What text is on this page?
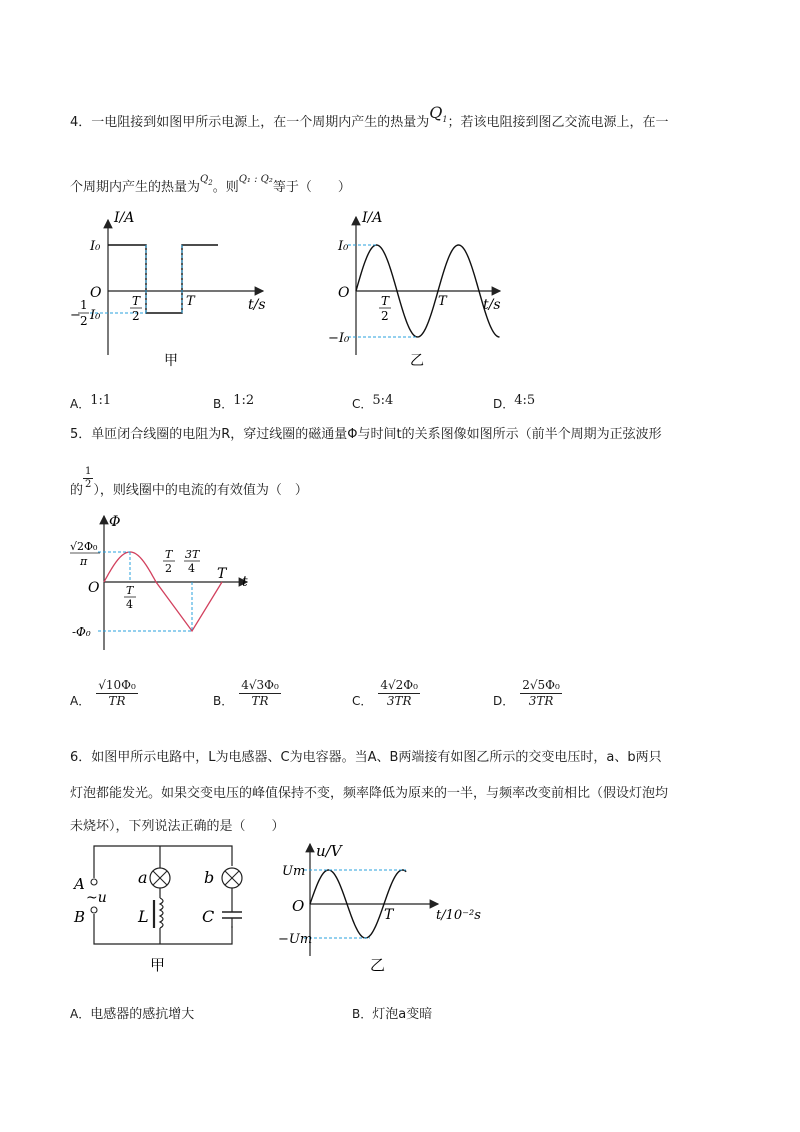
4．一电阻接到如图甲所示电源上，在一个周期内产生的热量为$Q_1$；若该电阻接到图乙交流电源上，在一
个周期内产生的热量为$^{Q_2}$。则$^{Q_1 : Q_2}$等于（　　）
I/A
t/s
O
I₀
−
1
2 I₀
T
2
T
甲
I/A
t/s
O
I₀
−I₀
T
2
T
乙
A．1:1	B．1:2	C．5:4	D．4:5
5．单匝闭合线圈的电阻为R，穿过线圈的磁通量Φ与时间t的关系图像如图所示（前半个周期为正弦波形
的 $\frac{1}{2}$ ），则线圈中的电流的有效值为（　）
Φ
t
O
√2Φ₀
π
-Φ₀
T
4
T
2
3T
4 T
A． $\frac{\text{√10Φ₀}}{TR}$	B． $\frac{\text{4√3Φ₀}}{TR}$	C． $\frac{\text{4√2Φ₀}}{3TR}$	D． $\frac{\text{2√5Φ₀}}{3TR}$
6．如图甲所示电路中，L为电感器、C为电容器。当A、B两端接有如图乙所示的交变电压时，a、b两只
灯泡都能发光。如果交变电压的峰值保持不变，频率降低为原来的一半，与频率改变前相比（假设灯泡均
未烧坏），下列说法正确的是（　　）
A
~u
B
a	b
L	C
甲
u/V
t/10⁻²s
O
Um
−Um
T
乙
A．电感器的感抗增大	B．灯泡a变暗
